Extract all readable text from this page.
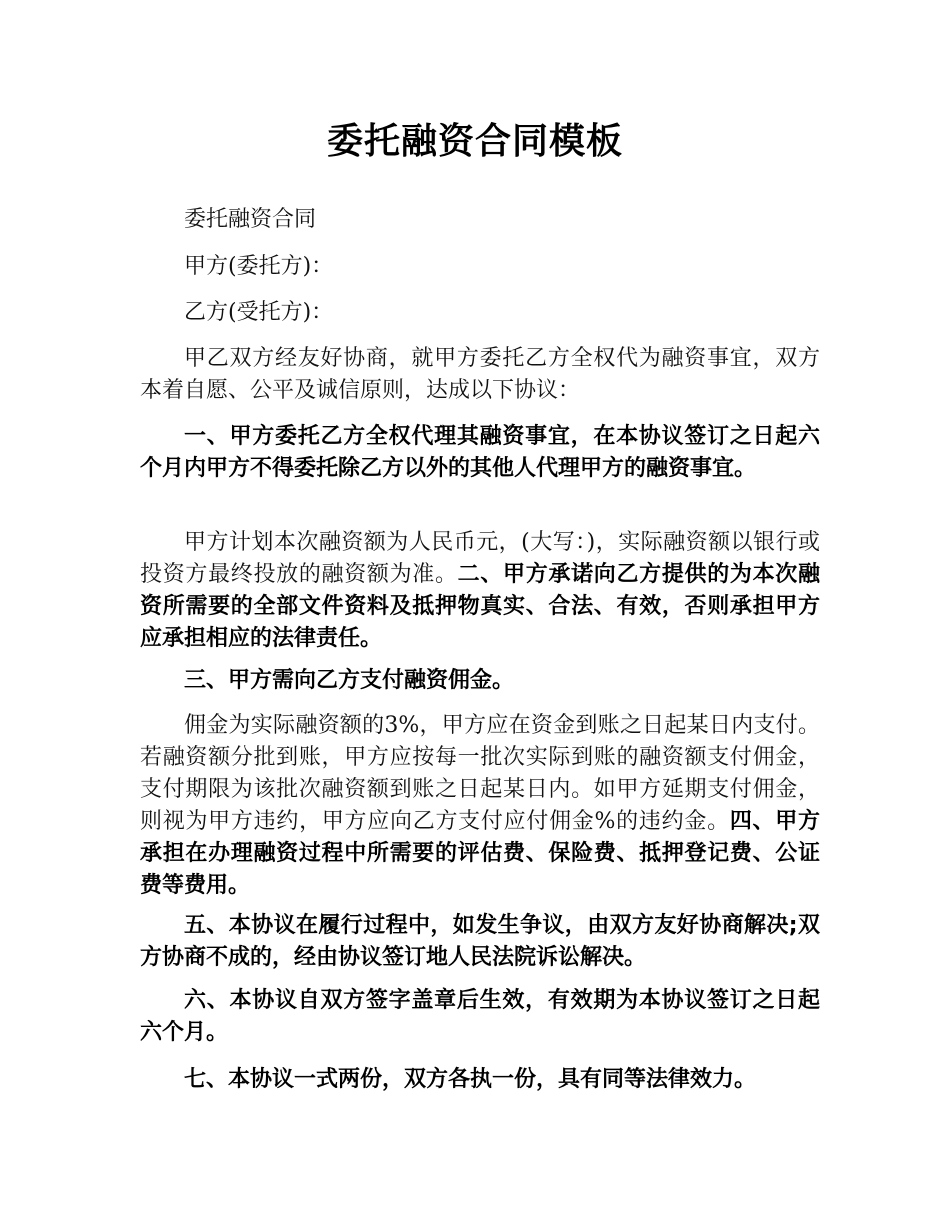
委托融资合同模板

委托融资合同

甲方(委托方)：

乙方(受托方)：

甲乙双方经友好协商，就甲方委托乙方全权代为融资事宜，双方本着自愿、公平及诚信原则，达成以下协议：

一、甲方委托乙方全权代理其融资事宜，在本协议签订之日起六个月内甲方不得委托除乙方以外的其他人代理甲方的融资事宜。

甲方计划本次融资额为人民币元，(大写：)，实际融资额以银行或投资方最终投放的融资额为准。二、甲方承诺向乙方提供的为本次融资所需要的全部文件资料及抵押物真实、合法、有效，否则承担甲方应承担相应的法律责任。

三、甲方需向乙方支付融资佣金。

佣金为实际融资额的3%，甲方应在资金到账之日起某日内支付。若融资额分批到账，甲方应按每一批次实际到账的融资额支付佣金，支付期限为该批次融资额到账之日起某日内。如甲方延期支付佣金，则视为甲方违约，甲方应向乙方支付应付佣金%的违约金。四、甲方承担在办理融资过程中所需要的评估费、保险费、抵押登记费、公证费等费用。

五、本协议在履行过程中，如发生争议，由双方友好协商解决;双方协商不成的，经由协议签订地人民法院诉讼解决。

六、本协议自双方签字盖章后生效，有效期为本协议签订之日起六个月。

七、本协议一式两份，双方各执一份，具有同等法律效力。
